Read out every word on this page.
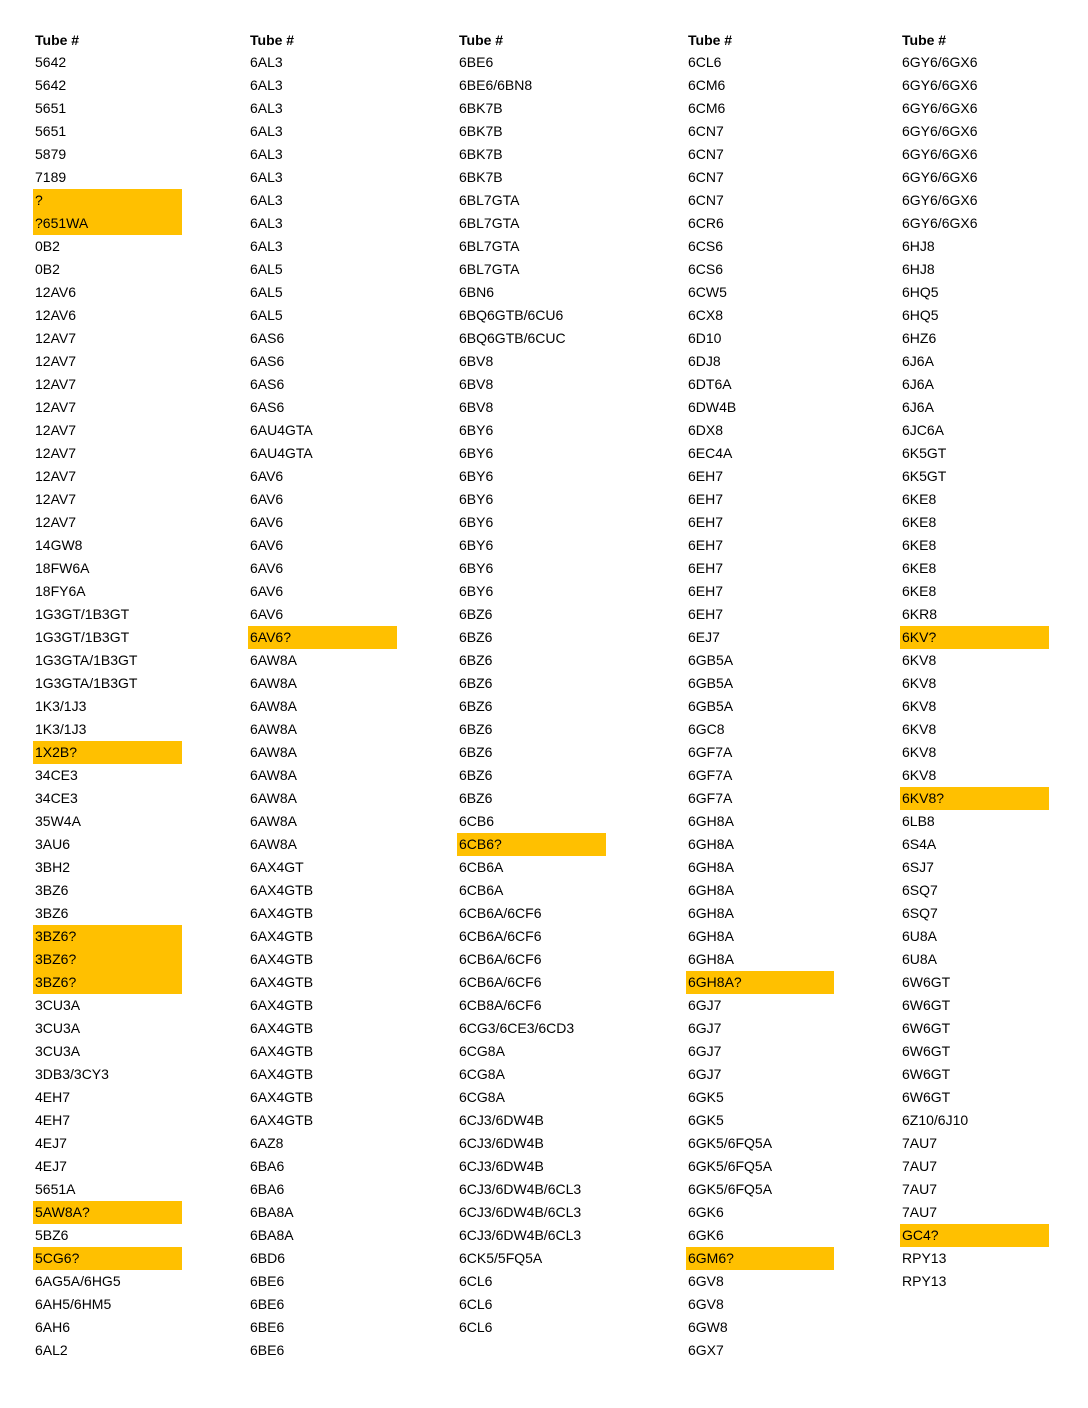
Tube #
5642
5642
5651
5651
5879
7189
?
?651WA
0B2
0B2
12AV6
12AV6
12AV7
12AV7
12AV7
12AV7
12AV7
12AV7
12AV7
12AV7
12AV7
14GW8
18FW6A
18FY6A
1G3GT/1B3GT
1G3GT/1B3GT
1G3GTA/1B3GT
1G3GTA/1B3GT
1K3/1J3
1K3/1J3
1X2B?
34CE3
34CE3
35W4A
3AU6
3BH2
3BZ6
3BZ6
3BZ6?
3BZ6?
3BZ6?
3CU3A
3CU3A
3CU3A
3DB3/3CY3
4EH7
4EH7
4EJ7
4EJ7
5651A
5AW8A?
5BZ6
5CG6?
6AG5A/6HG5
6AH5/6HM5
6AH6
6AL2
Tube #
6AL3
6AL3
6AL3
6AL3
6AL3
6AL3
6AL3
6AL3
6AL3
6AL5
6AL5
6AL5
6AS6
6AS6
6AS6
6AS6
6AU4GTA
6AU4GTA
6AV6
6AV6
6AV6
6AV6
6AV6
6AV6
6AV6
6AV6?
6AW8A
6AW8A
6AW8A
6AW8A
6AW8A
6AW8A
6AW8A
6AW8A
6AW8A
6AX4GT
6AX4GTB
6AX4GTB
6AX4GTB
6AX4GTB
6AX4GTB
6AX4GTB
6AX4GTB
6AX4GTB
6AX4GTB
6AX4GTB
6AX4GTB
6AZ8
6BA6
6BA6
6BA8A
6BA8A
6BD6
6BE6
6BE6
6BE6
6BE6
Tube #
6BE6
6BE6/6BN8
6BK7B
6BK7B
6BK7B
6BK7B
6BL7GTA
6BL7GTA
6BL7GTA
6BL7GTA
6BN6
6BQ6GTB/6CU6
6BQ6GTB/6CUC
6BV8
6BV8
6BV8
6BY6
6BY6
6BY6
6BY6
6BY6
6BY6
6BY6
6BY6
6BZ6
6BZ6
6BZ6
6BZ6
6BZ6
6BZ6
6BZ6
6BZ6
6BZ6
6CB6
6CB6?
6CB6A
6CB6A
6CB6A/6CF6
6CB6A/6CF6
6CB6A/6CF6
6CB6A/6CF6
6CB8A/6CF6
6CG3/6CE3/6CD3
6CG8A
6CG8A
6CG8A
6CJ3/6DW4B
6CJ3/6DW4B
6CJ3/6DW4B
6CJ3/6DW4B/6CL3
6CJ3/6DW4B/6CL3
6CJ3/6DW4B/6CL3
6CK5/5FQ5A
6CL6
6CL6
6CL6
Tube #
6CL6
6CM6
6CM6
6CN7
6CN7
6CN7
6CN7
6CR6
6CS6
6CS6
6CW5
6CX8
6D10
6DJ8
6DT6A
6DW4B
6DX8
6EC4A
6EH7
6EH7
6EH7
6EH7
6EH7
6EH7
6EH7
6EJ7
6GB5A
6GB5A
6GB5A
6GC8
6GF7A
6GF7A
6GF7A
6GH8A
6GH8A
6GH8A
6GH8A
6GH8A
6GH8A
6GH8A
6GH8A?
6GJ7
6GJ7
6GJ7
6GJ7
6GK5
6GK5
6GK5/6FQ5A
6GK5/6FQ5A
6GK5/6FQ5A
6GK6
6GK6
6GM6?
6GV8
6GV8
6GW8
6GX7
Tube #
6GY6/6GX6
6GY6/6GX6
6GY6/6GX6
6GY6/6GX6
6GY6/6GX6
6GY6/6GX6
6GY6/6GX6
6GY6/6GX6
6HJ8
6HJ8
6HQ5
6HQ5
6HZ6
6J6A
6J6A
6J6A
6JC6A
6K5GT
6K5GT
6KE8
6KE8
6KE8
6KE8
6KE8
6KR8
6KV?
6KV8
6KV8
6KV8
6KV8
6KV8
6KV8
6KV8?
6LB8
6S4A
6SJ7
6SQ7
6SQ7
6U8A
6U8A
6W6GT
6W6GT
6W6GT
6W6GT
6W6GT
6W6GT
6Z10/6J10
7AU7
7AU7
7AU7
7AU7
GC4?
RPY13
RPY13
